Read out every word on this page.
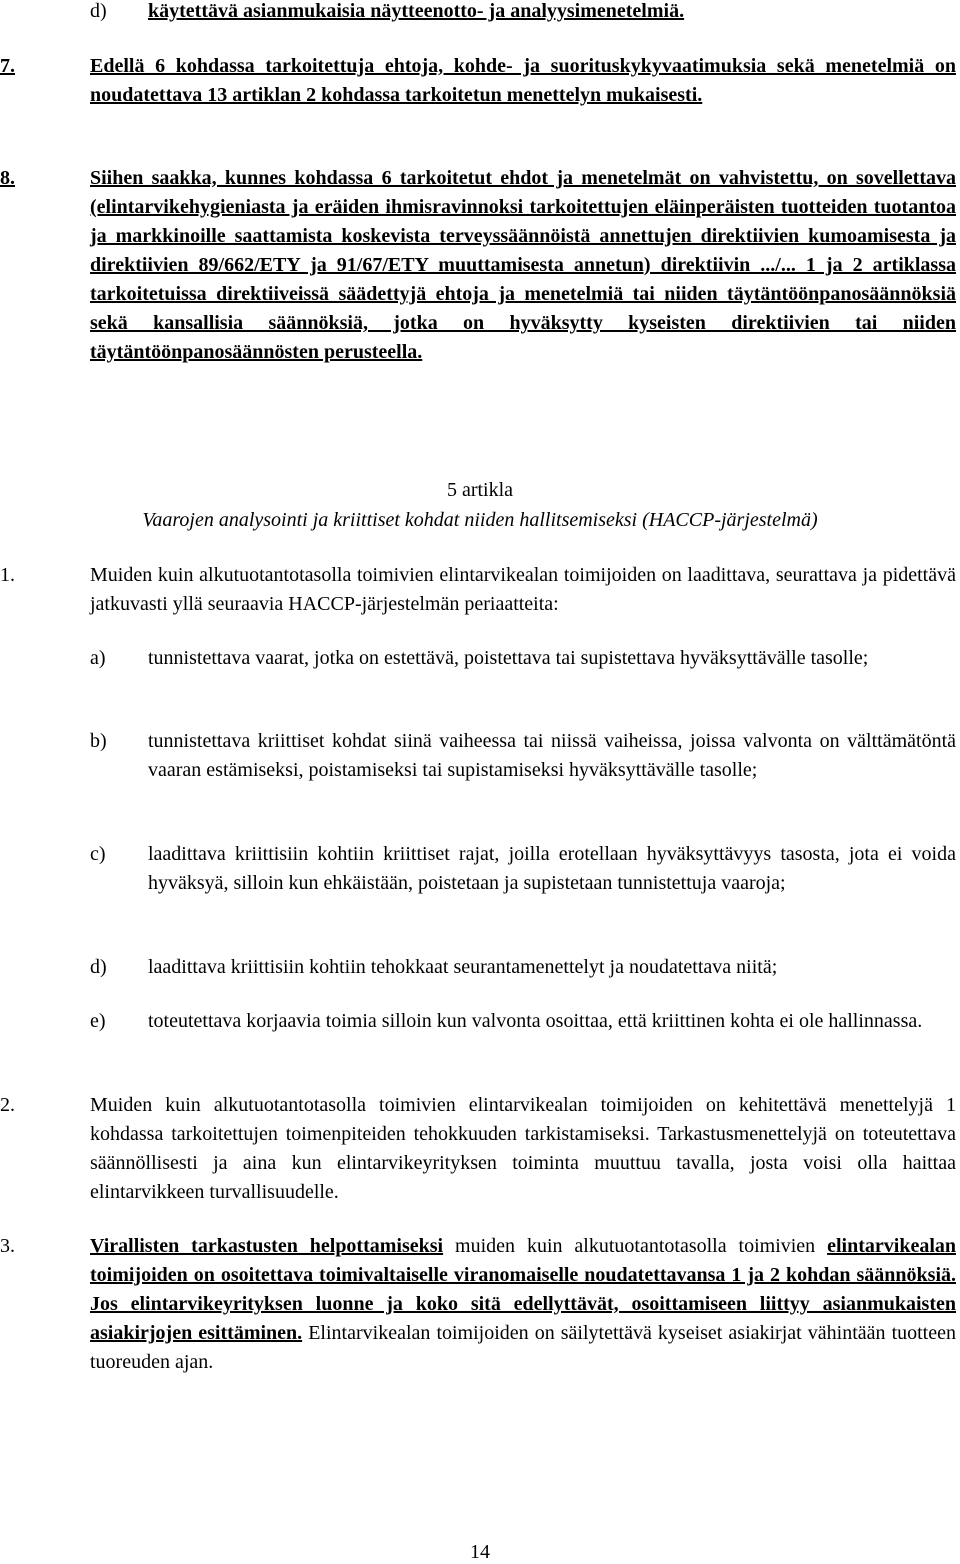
d) käytettävä asianmukaisia näytteenotto- ja analyysimenetelmiä.
7.	Edellä 6 kohdassa tarkoitettuja ehtoja, kohde- ja suorituskykyvaatimuksia sekä menetelmiä on noudatettava 13 artiklan 2 kohdassa tarkoitetun menettelyn mukaisesti.
8.	Siihen saakka, kunnes kohdassa 6 tarkoitetut ehdot ja menetelmät on vahvistettu, on sovellettava (elintarvikehygieniasta ja eräiden ihmisravinnoksi tarkoitettujen eläinperäisten tuotteiden tuotantoa ja markkinoille saattamista koskevista terveyssäännöistä annettujen direktiivien kumoamisesta ja direktiivien 89/662/ETY ja 91/67/ETY muuttamisesta annetun) direktiivin .../... 1 ja 2 artiklassa tarkoitetuissa direktiiveissä säädettyjä ehtoja ja menetelmiä tai niiden täytäntöönpanosäännöksiä sekä kansallisia säännöksiä, jotka on hyväksytty kyseisten direktiivien tai niiden täytäntöönpanosäännösten perusteella.
5 artikla
Vaarojen analysointi ja kriittiset kohdat niiden hallitsemiseksi (HACCP-järjestelmä)
1.	Muiden kuin alkutuotantotasolla toimivien elintarvikealan toimijoiden on laadittava, seurattava ja pidettävä jatkuvasti yllä seuraavia HACCP-järjestelmän periaatteita:
a) tunnistettava vaarat, jotka on estettävä, poistettava tai supistettava hyväksyttävälle tasolle;
b) tunnistettava kriittiset kohdat siinä vaiheessa tai niissä vaiheissa, joissa valvonta on välttämätöntä vaaran estämiseksi, poistamiseksi tai supistamiseksi hyväksyttävälle tasolle;
c) laadittava kriittisiin kohtiin kriittiset rajat, joilla erotellaan hyväksyttävyys tasosta, jota ei voida hyväksyä, silloin kun ehkäistään, poistetaan ja supistetaan tunnistettuja vaaroja;
d) laadittava kriittisiin kohtiin tehokkaat seurantamenettelyt ja noudatettava niitä;
e) toteutettava korjaavia toimia silloin kun valvonta osoittaa, että kriittinen kohta ei ole hallinnassa.
2.	Muiden kuin alkutuotantotasolla toimivien elintarvikealan toimijoiden on kehitettävä menettelyjä 1 kohdassa tarkoitettujen toimenpiteiden tehokkuuden tarkistamiseksi. Tarkastusmenettelyjä on toteutettava säännöllisesti ja aina kun elintarvikeyrityksen toiminta muuttuu tavalla, josta voisi olla haittaa elintarvikkeen turvallisuudelle.
3.	Virallisten tarkastusten helpottamiseksi muiden kuin alkutuotantotasolla toimivien elintarvikealan toimijoiden on osoitettava toimivaltaiselle viranomaiselle noudatettavansa 1 ja 2 kohdan säännöksiä. Jos elintarvikeyrityksen luonne ja koko sitä edellyttävät, osoittamiseen liittyy asianmukaisten asiakirjojen esittäminen. Elintarvikealan toimijoiden on säilytettävä kyseiset asiakirjat vähintään tuotteen tuoreuden ajan.
14
